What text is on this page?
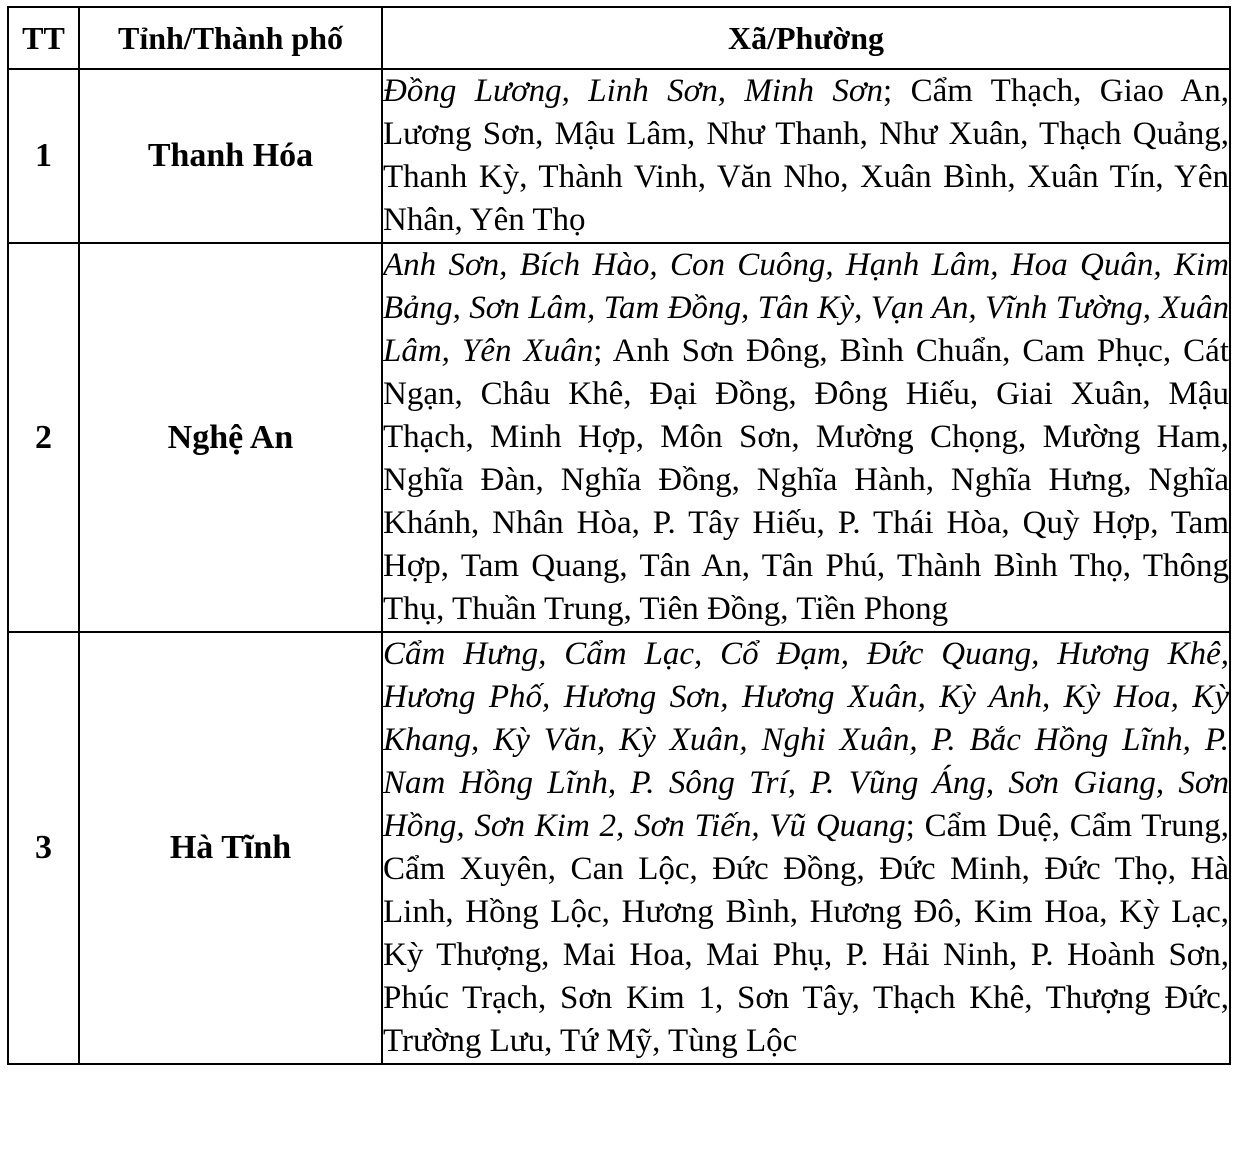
TT	Tỉnh/Thành phố	Xã/Phường
1	Thanh Hóa	Đồng Lương, Linh Sơn, Minh Sơn; Cẩm Thạch, Giao An, Lương Sơn, Mậu Lâm, Như Thanh, Như Xuân, Thạch Quảng, Thanh Kỳ, Thành Vinh, Văn Nho, Xuân Bình, Xuân Tín, Yên Nhân, Yên Thọ

2	Nghệ An	Anh Sơn, Bích Hào, Con Cuông, Hạnh Lâm, Hoa Quân, Kim Bảng, Sơn Lâm, Tam Đồng, Tân Kỳ, Vạn An, Vĩnh Tường, Xuân Lâm, Yên Xuân; Anh Sơn Đông, Bình Chuẩn, Cam Phục, Cát Ngạn, Châu Khê, Đại Đồng, Đông Hiếu, Giai Xuân, Mậu Thạch, Minh Hợp, Môn Sơn, Mường Chọng, Mường Ham, Nghĩa Đàn, Nghĩa Đồng, Nghĩa Hành, Nghĩa Hưng, Nghĩa Khánh, Nhân Hòa, P. Tây Hiếu, P. Thái Hòa, Quỳ Hợp, Tam Hợp, Tam Quang, Tân An, Tân Phú, Thành Bình Thọ, Thông Thụ, Thuần Trung, Tiên Đồng, Tiền Phong

3	Hà Tĩnh	Cẩm Hưng, Cẩm Lạc, Cổ Đạm, Đức Quang, Hương Khê, Hương Phố, Hương Sơn, Hương Xuân, Kỳ Anh, Kỳ Hoa, Kỳ Khang, Kỳ Văn, Kỳ Xuân, Nghi Xuân, P. Bắc Hồng Lĩnh, P. Nam Hồng Lĩnh, P. Sông Trí, P. Vũng Áng, Sơn Giang, Sơn Hồng, Sơn Kim 2, Sơn Tiến, Vũ Quang; Cẩm Duệ, Cẩm Trung, Cẩm Xuyên, Can Lộc, Đức Đồng, Đức Minh, Đức Thọ, Hà Linh, Hồng Lộc, Hương Bình, Hương Đô, Kim Hoa, Kỳ Lạc, Kỳ Thượng, Mai Hoa, Mai Phụ, P. Hải Ninh, P. Hoành Sơn, Phúc Trạch, Sơn Kim 1, Sơn Tây, Thạch Khê, Thượng Đức, Trường Lưu, Tứ Mỹ, Tùng Lộc
